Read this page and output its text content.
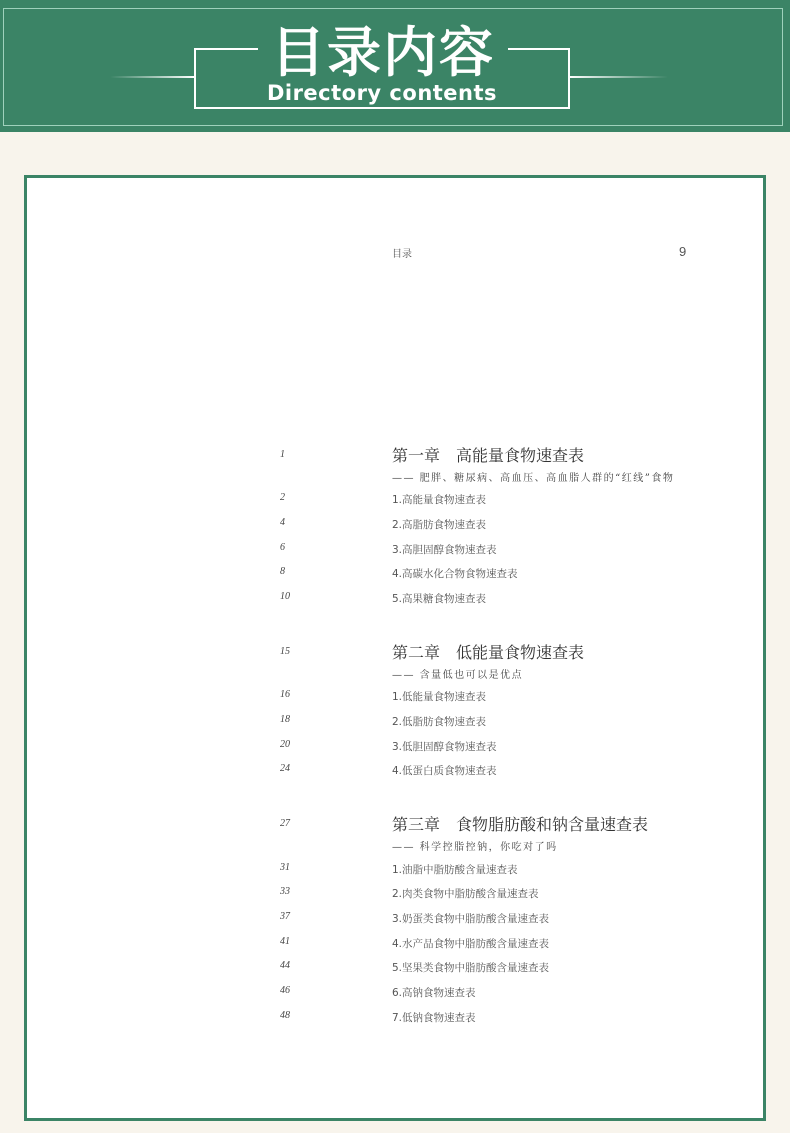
目录内容
Directory contents
目录	9
1	第一章　高能量食物速查表
—— 肥胖、糖尿病、高血压、高血脂人群的“红线”食物
2	1.高能量食物速查表
4	2.高脂肪食物速查表
6	3.高胆固醇食物速查表
8	4.高碳水化合物食物速查表
10	5.高果糖食物速查表
15	第二章　低能量食物速查表
—— 含量低也可以是优点
16	1.低能量食物速查表
18	2.低脂肪食物速查表
20	3.低胆固醇食物速查表
24	4.低蛋白质食物速查表
27	第三章　食物脂肪酸和钠含量速查表
—— 科学控脂控钠，你吃对了吗
31	1.油脂中脂肪酸含量速查表
33	2.肉类食物中脂肪酸含量速查表
37	3.奶蛋类食物中脂肪酸含量速查表
41	4.水产品食物中脂肪酸含量速查表
44	5.坚果类食物中脂肪酸含量速查表
46	6.高钠食物速查表
48	7.低钠食物速查表
